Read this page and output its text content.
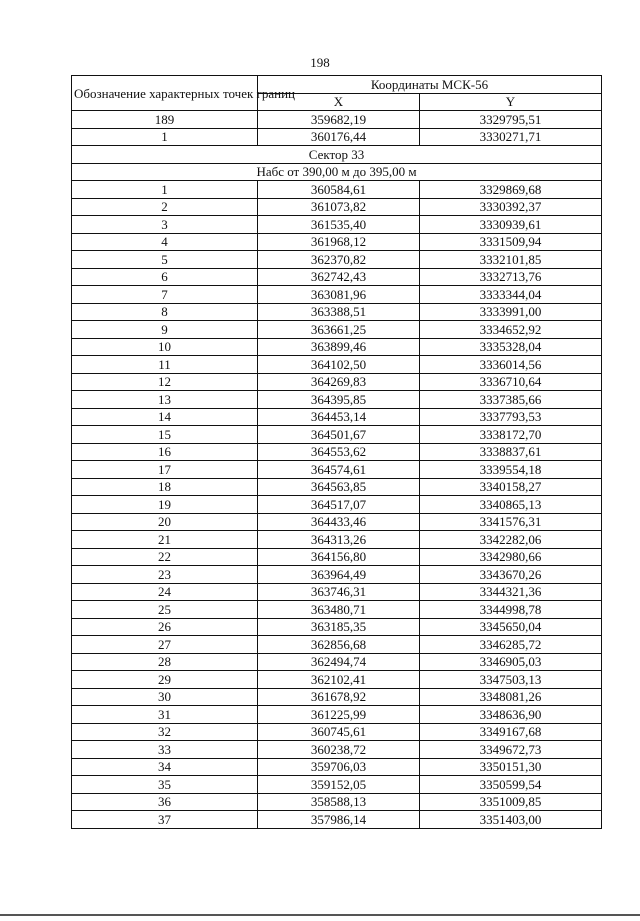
198
Обозначение характерных точек границ	Координаты МСК-56	
	X	Y
189	359682,19	3329795,51
1	360176,44	3330271,71
Сектор 33		
Набс от 390,00 м до 395,00 м		
1	360584,61	3329869,68
2	361073,82	3330392,37
3	361535,40	3330939,61
4	361968,12	3331509,94
5	362370,82	3332101,85
6	362742,43	3332713,76
7	363081,96	3333344,04
8	363388,51	3333991,00
9	363661,25	3334652,92
10	363899,46	3335328,04
11	364102,50	3336014,56
12	364269,83	3336710,64
13	364395,85	3337385,66
14	364453,14	3337793,53
15	364501,67	3338172,70
16	364553,62	3338837,61
17	364574,61	3339554,18
18	364563,85	3340158,27
19	364517,07	3340865,13
20	364433,46	3341576,31
21	364313,26	3342282,06
22	364156,80	3342980,66
23	363964,49	3343670,26
24	363746,31	3344321,36
25	363480,71	3344998,78
26	363185,35	3345650,04
27	362856,68	3346285,72
28	362494,74	3346905,03
29	362102,41	3347503,13
30	361678,92	3348081,26
31	361225,99	3348636,90
32	360745,61	3349167,68
33	360238,72	3349672,73
34	359706,03	3350151,30
35	359152,05	3350599,54
36	358588,13	3351009,85
37	357986,14	3351403,00
